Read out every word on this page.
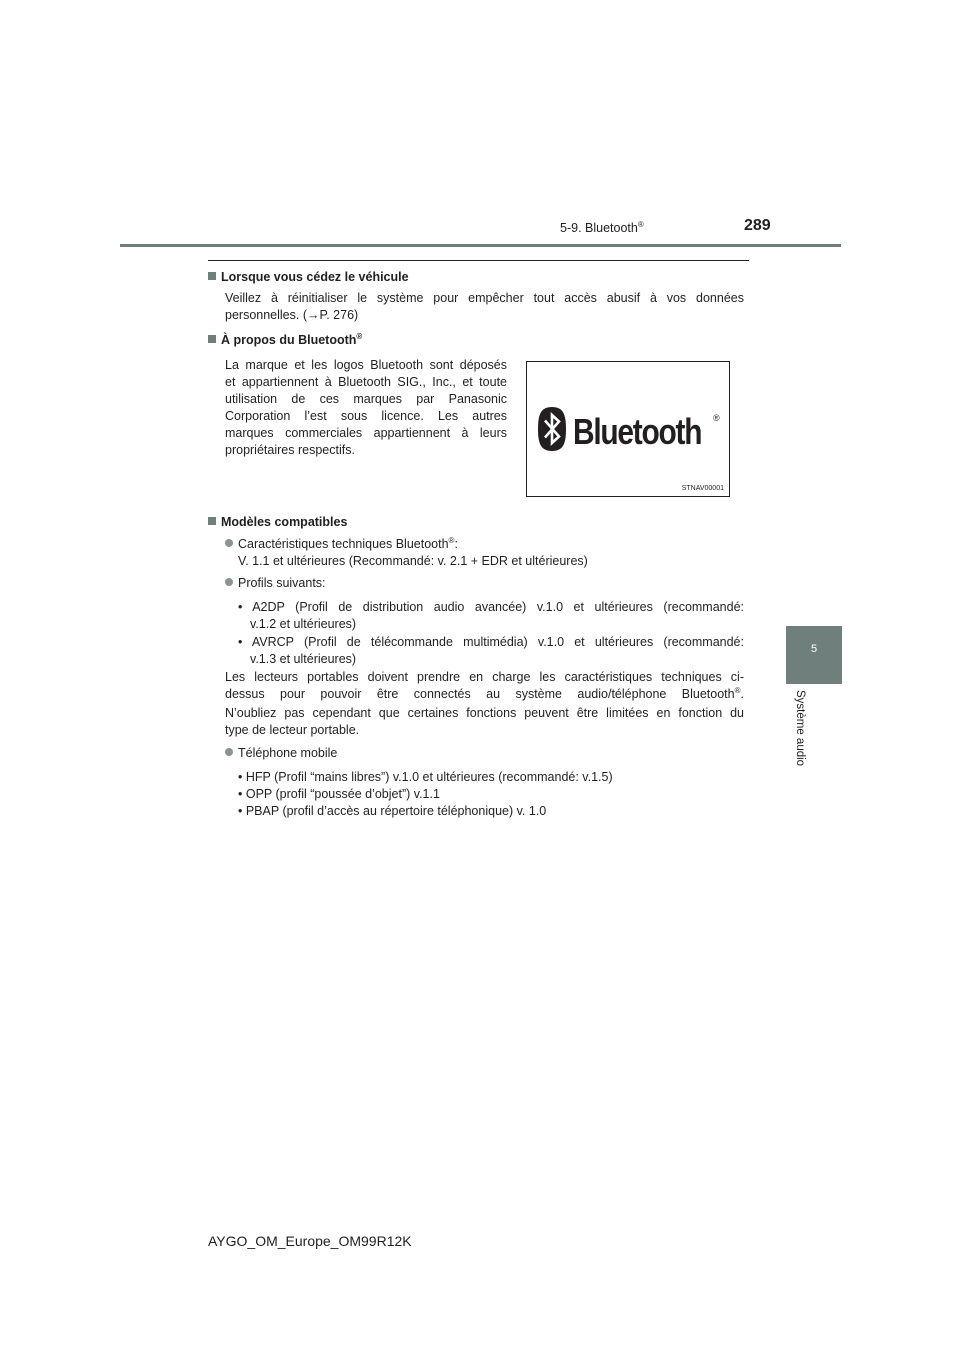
5-9. Bluetooth®	289
5
Système audio
Lorsque vous cédez le véhicule
Veillez à réinitialiser le système pour empêcher tout accès abusif à vos données
personnelles. (→P. 276)
À propos du Bluetooth®
La marque et les logos Bluetooth sont déposés
et appartiennent à Bluetooth SIG., Inc., et toute
utilisation de ces marques par Panasonic
Corporation l’est sous licence. Les autres
marques commerciales appartiennent à leurs
propriétaires respectifs.	Bluetooth ®
STNAV00001
Modèles compatibles
Caractéristiques techniques Bluetooth®:
V. 1.1 et ultérieures (Recommandé: v. 2.1 + EDR et ultérieures)
Profils suivants:
• A2DP (Profil de distribution audio avancée) v.1.0 et ultérieures (recommandé:
v.1.2 et ultérieures)
• AVRCP (Profil de télécommande multimédia) v.1.0 et ultérieures (recommandé:
v.1.3 et ultérieures)
Les lecteurs portables doivent prendre en charge les caractéristiques techniques ci-
dessus pour pouvoir être connectés au système audio/téléphone Bluetooth®.
N’oubliez pas cependant que certaines fonctions peuvent être limitées en fonction du
type de lecteur portable.
Téléphone mobile
• HFP (Profil “mains libres”) v.1.0 et ultérieures (recommandé: v.1.5)
• OPP (profil “poussée d’objet”) v.1.1
• PBAP (profil d’accès au répertoire téléphonique) v. 1.0
AYGO_OM_Europe_OM99R12K
